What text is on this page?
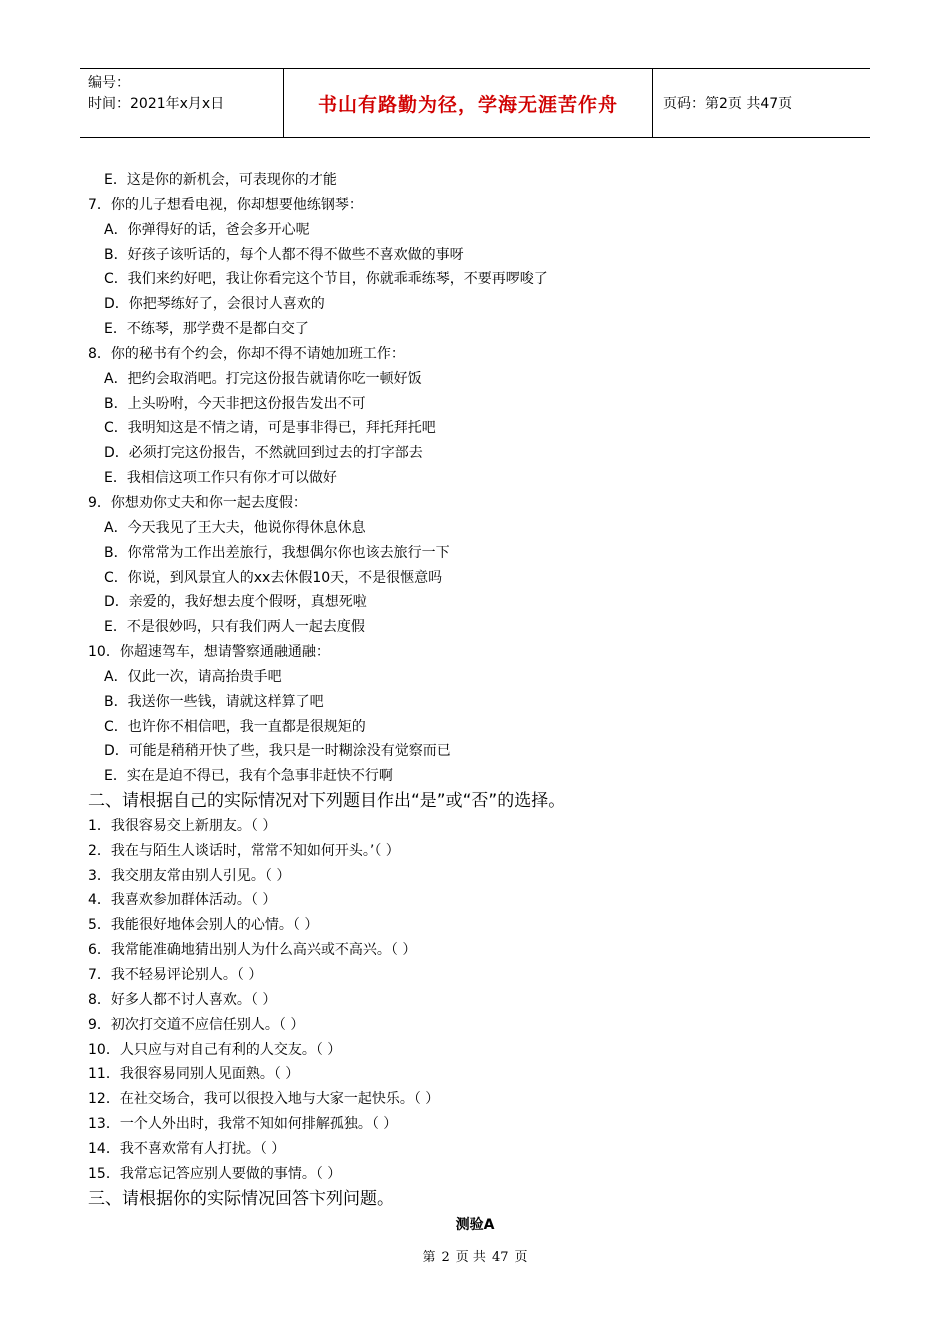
编号：
时间：2021年x月x日	书山有路勤为径，学海无涯苦作舟	页码：第2页 共47页
E．这是你的新机会，可表现你的才能
7．你的儿子想看电视，你却想要他练钢琴：
A．你弹得好的话，爸会多开心呢
B．好孩子该听话的，每个人都不得不做些不喜欢做的事呀
C．我们来约好吧，我让你看完这个节目，你就乖乖练琴，不要再啰唆了
D．你把琴练好了，会很讨人喜欢的
E．不练琴，那学费不是都白交了
8．你的秘书有个约会，你却不得不请她加班工作：
A．把约会取消吧。打完这份报告就请你吃一顿好饭
B．上头吩咐，今天非把这份报告发出不可
C．我明知这是不情之请，可是事非得已，拜托拜托吧
D．必须打完这份报告，不然就回到过去的打字部去
E．我相信这项工作只有你才可以做好
9．你想劝你丈夫和你一起去度假：
A．今天我见了王大夫，他说你得休息休息
B．你常常为工作出差旅行，我想偶尔你也该去旅行一下
C．你说，到风景宜人的xx去休假10天，不是很惬意吗
D．亲爱的，我好想去度个假呀，真想死啦
E．不是很妙吗，只有我们两人一起去度假
10．你超速驾车，想请警察通融通融：
A．仅此一次，请高抬贵手吧
B．我送你一些钱，请就这样算了吧
C．也许你不相信吧，我一直都是很规矩的
D．可能是稍稍开快了些，我只是一时糊涂没有觉察而已
E．实在是迫不得已，我有个急事非赶快不行啊
二、请根据自己的实际情况对下列题目作出“是”或“否”的选择。
1．我很容易交上新朋友。（ ）
2．我在与陌生人谈话时，常常不知如何开头。’（ ）
3．我交朋友常由别人引见。（ ）
4．我喜欢参加群体活动。（ ）
5．我能很好地体会别人的心情。（ ）
6．我常能准确地猜出别人为什么高兴或不高兴。（ ）
7．我不轻易评论别人。（ ）
8．好多人都不讨人喜欢。（ ）
9．初次打交道不应信任别人。（ ）
10．人只应与对自己有利的人交友。（ ）
11．我很容易同别人见面熟。（ ）
12．在社交场合，我可以很投入地与大家一起快乐。（ ）
13．一个人外出时，我常不知如何排解孤独。（ ）
14．我不喜欢常有人打扰。（ ）
15．我常忘记答应别人要做的事情。（ ）
三、请根据你的实际情况回答卞列问题。
测验A
第 2 页 共 47 页
